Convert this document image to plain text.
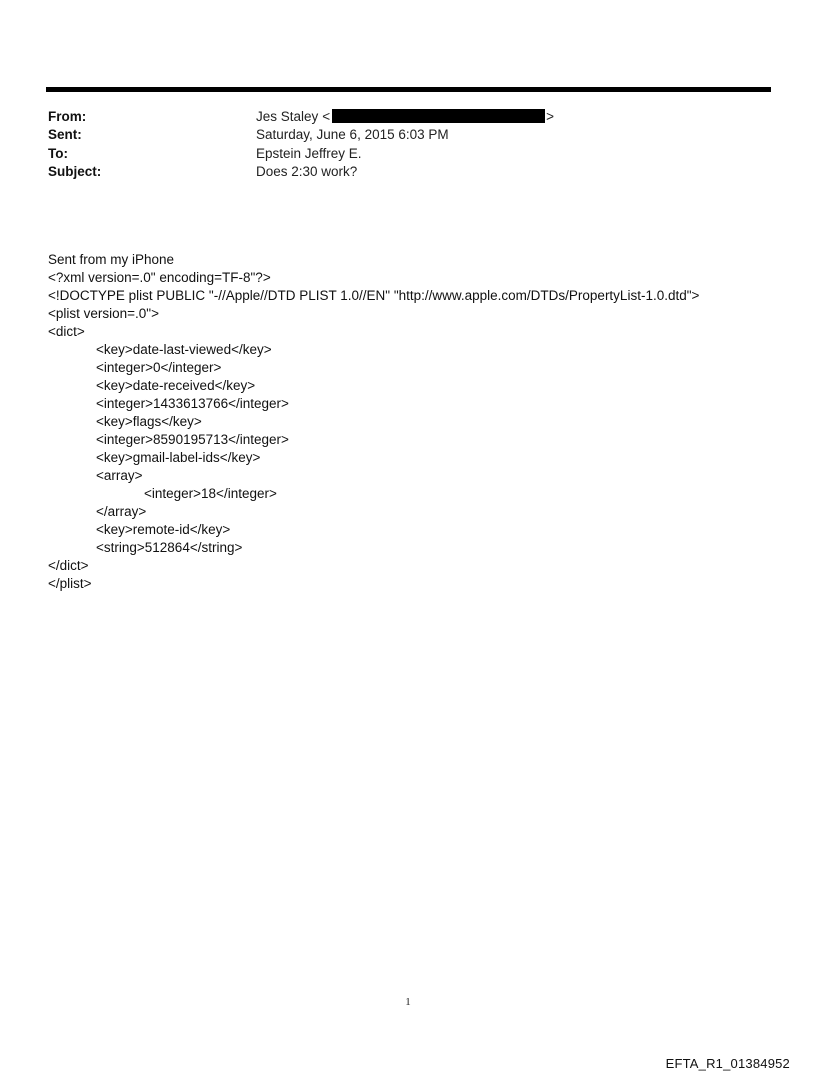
From:	Jes Staley <	>
Sent:	Saturday, June 6, 2015 6:03 PM
To:	Epstein Jeffrey E.
Subject:	Does 2:30 work?
Sent from my iPhone
<?xml version=.0" encoding=TF-8"?>
<!DOCTYPE plist PUBLIC "-//Apple//DTD PLIST 1.0//EN" "http://www.apple.com/DTDs/PropertyList-1.0.dtd">
<plist version=.0">
<dict>
<key>date-last-viewed</key>
<integer>0</integer>
<key>date-received</key>
<integer>1433613766</integer>
<key>flags</key>
<integer>8590195713</integer>
<key>gmail-label-ids</key>
<array>
<integer>18</integer>
</array>
<key>remote-id</key>
<string>512864</string>
</dict>
</plist>
1
EFTA_R1_01384952
